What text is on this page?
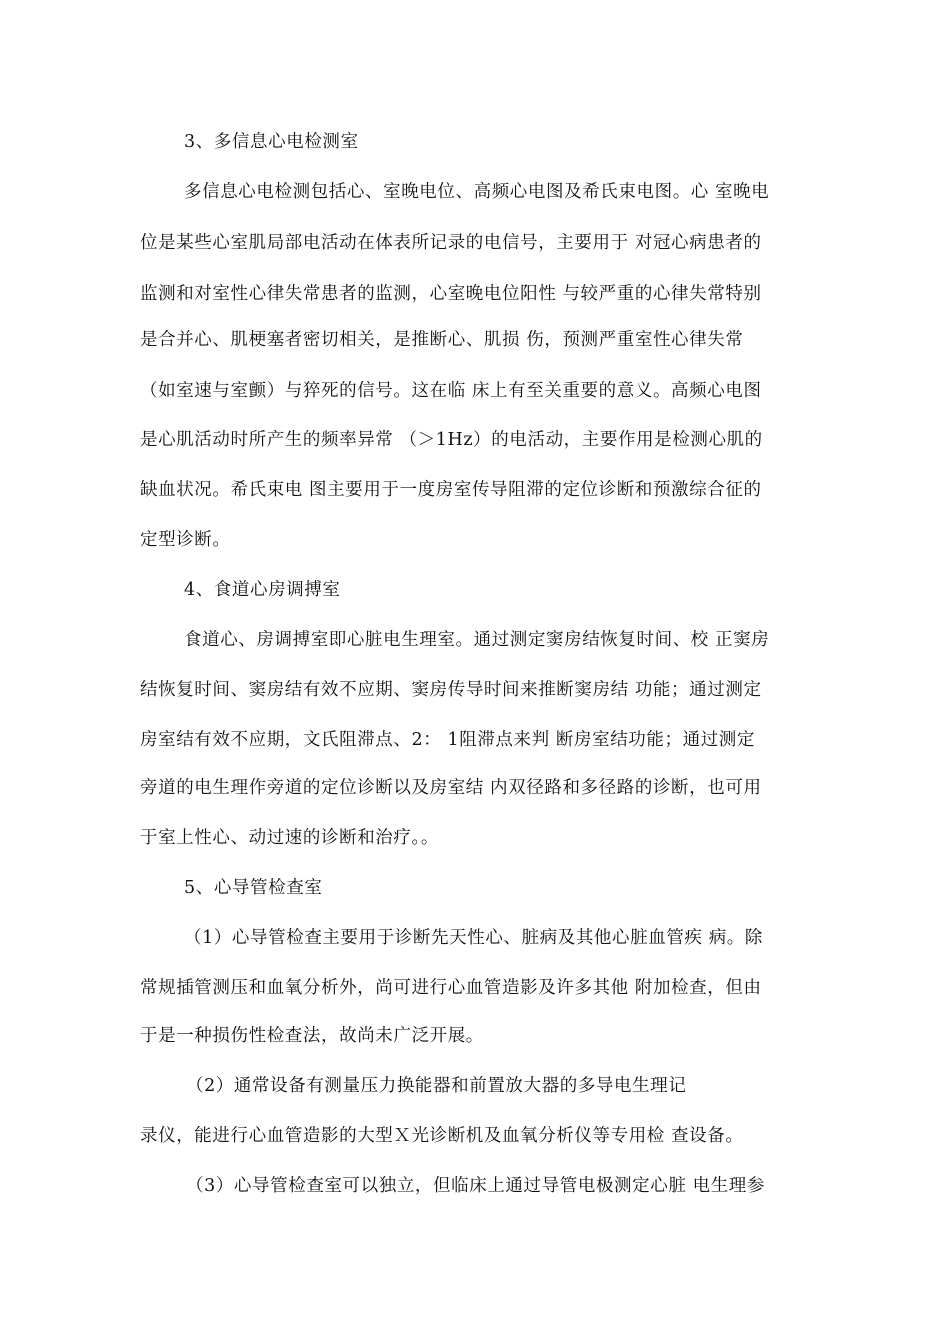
3、多信息心电检测室
多信息心电检测包括心、室晚电位、高频心电图及希氏束电图。心 室晚电
位是某些心室肌局部电活动在体表所记录的电信号，主要用于 对冠心病患者的
监测和对室性心律失常患者的监测，心室晚电位阳性 与较严重的心律失常特别
是合并心、肌梗塞者密切相关，是推断心、肌损 伤，预测严重室性心律失常
（如室速与室颤）与猝死的信号。这在临 床上有至关重要的意义。高频心电图
是心肌活动时所产生的频率异常 （＞1Hz）的电活动，主要作用是检测心肌的
缺血状况。希氏束电 图主要用于一度房室传导阻滞的定位诊断和预激综合征的
定型诊断。
4、食道心房调搏室
食道心、房调搏室即心脏电生理室。通过测定窦房结恢复时间、校 正窦房
结恢复时间、窦房结有效不应期、窦房传导时间来推断窦房结 功能；通过测定
房室结有效不应期，文氏阻滞点、2： 1阻滞点来判 断房室结功能；通过测定
旁道的电生理作旁道的定位诊断以及房室结 内双径路和多径路的诊断，也可用
于室上性心、动过速的诊断和治疗。。
5、心导管检查室
（1）心导管检查主要用于诊断先天性心、脏病及其他心脏血管疾 病。除
常规插管测压和血氧分析外，尚可进行心血管造影及许多其他 附加检查，但由
于是一种损伤性检查法，故尚未广泛开展。
（2）通常设备有测量压力换能器和前置放大器的多导电生理记
录仪，能进行心血管造影的大型Ｘ光诊断机及血氧分析仪等专用检 查设备。
（3）心导管检查室可以独立，但临床上通过导管电极测定心脏 电生理参
